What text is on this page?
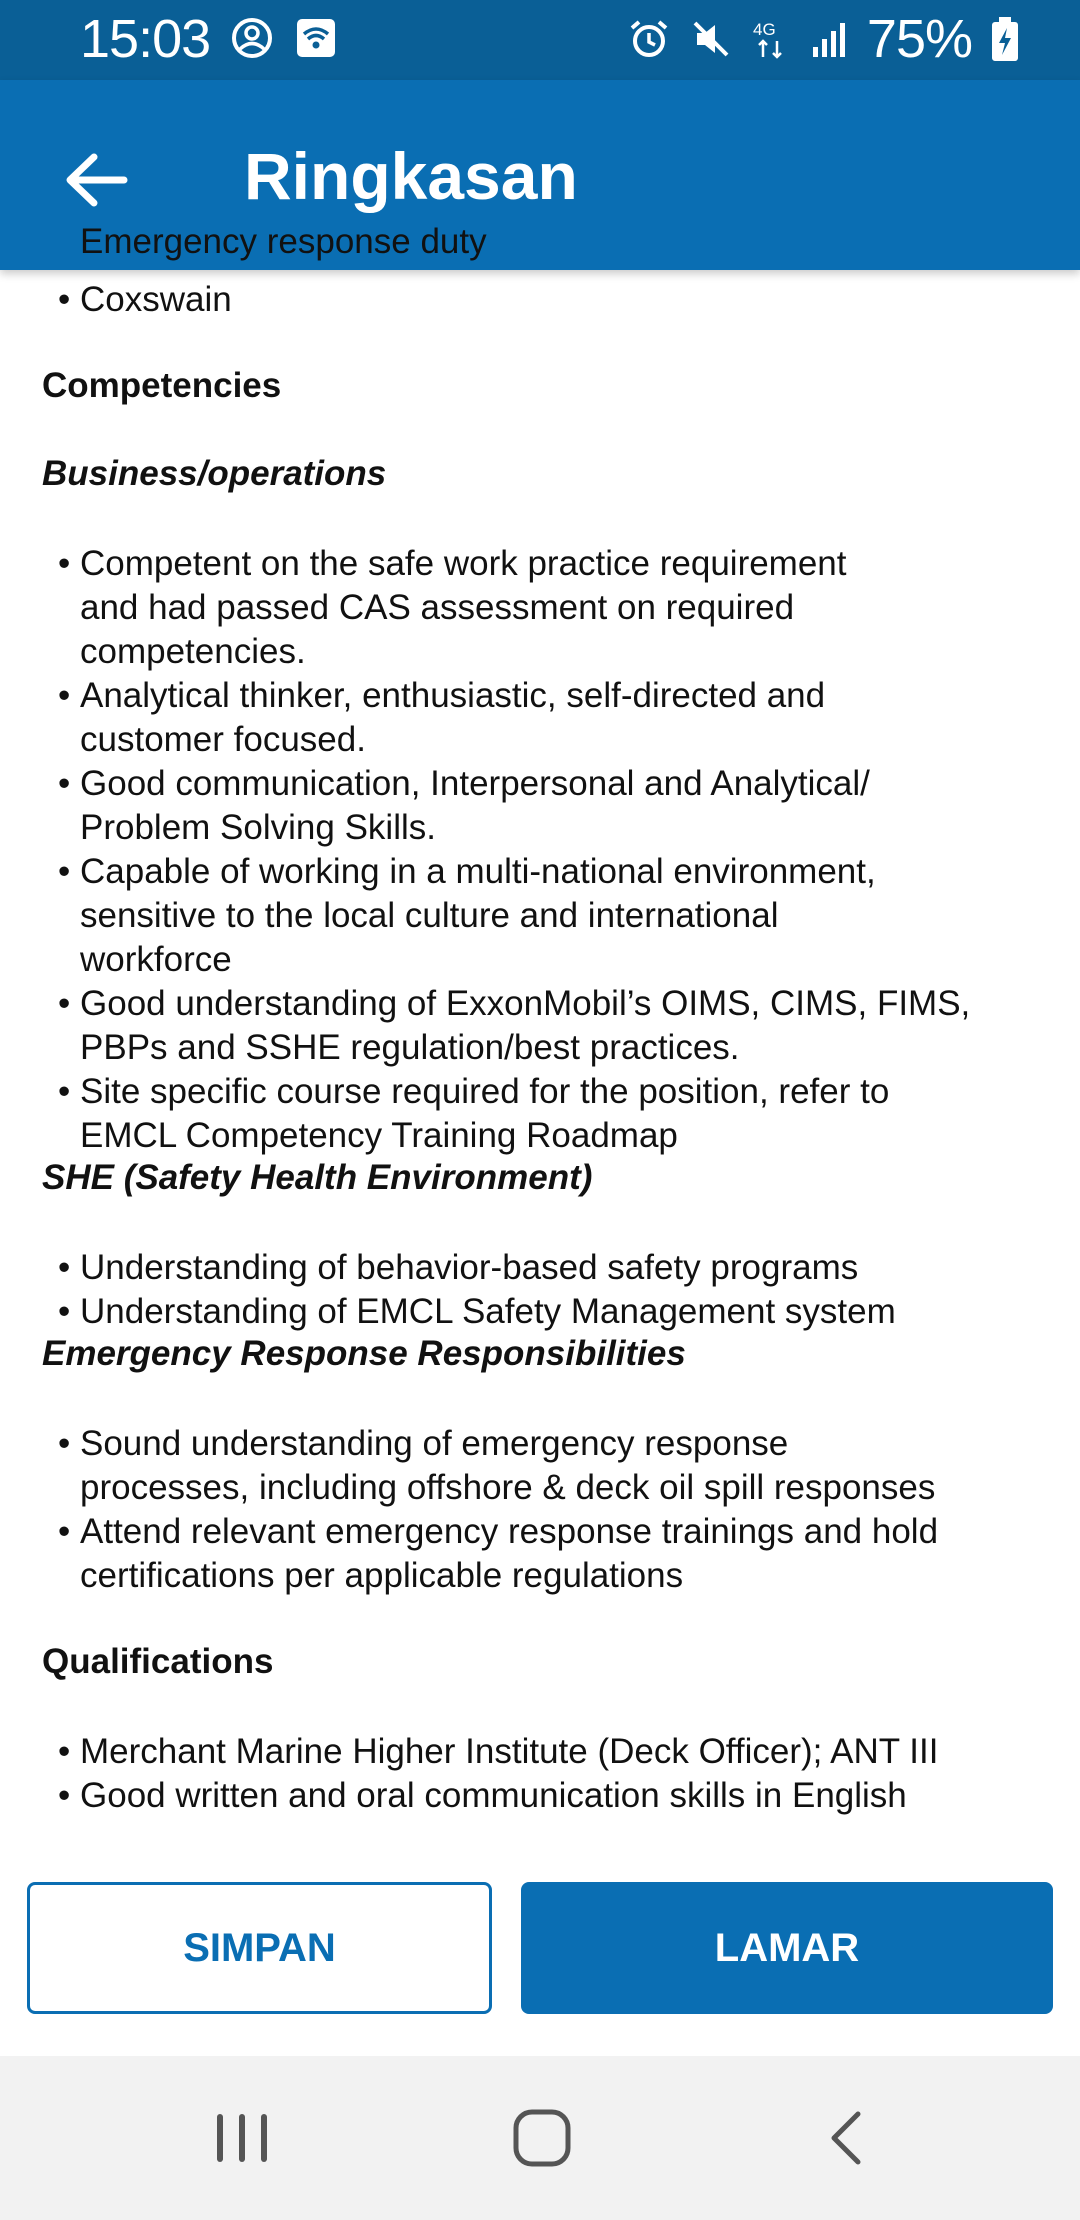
15:03	4G 75%
Ringkasan
Emergency response duty
• Coxswain
Competencies
Business/operations
• Competent on the safe work practice requirement
and had passed CAS assessment on required
competencies.
• Analytical thinker, enthusiastic, self-directed and
customer focused.
• Good communication, Interpersonal and Analytical/
Problem Solving Skills.
• Capable of working in a multi-national environment,
sensitive to the local culture and international
workforce
• Good understanding of ExxonMobil’s OIMS, CIMS, FIMS,
PBPs and SSHE regulation/best practices.
• Site specific course required for the position, refer to
EMCL Competency Training Roadmap
SHE (Safety Health Environment)
• Understanding of behavior-based safety programs
• Understanding of EMCL Safety Management system
Emergency Response Responsibilities
• Sound understanding of emergency response
processes, including offshore & deck oil spill responses
• Attend relevant emergency response trainings and hold
certifications per applicable regulations
Qualifications
• Merchant Marine Higher Institute (Deck Officer); ANT III
• Good written and oral communication skills in English
SIMPAN	LAMAR
